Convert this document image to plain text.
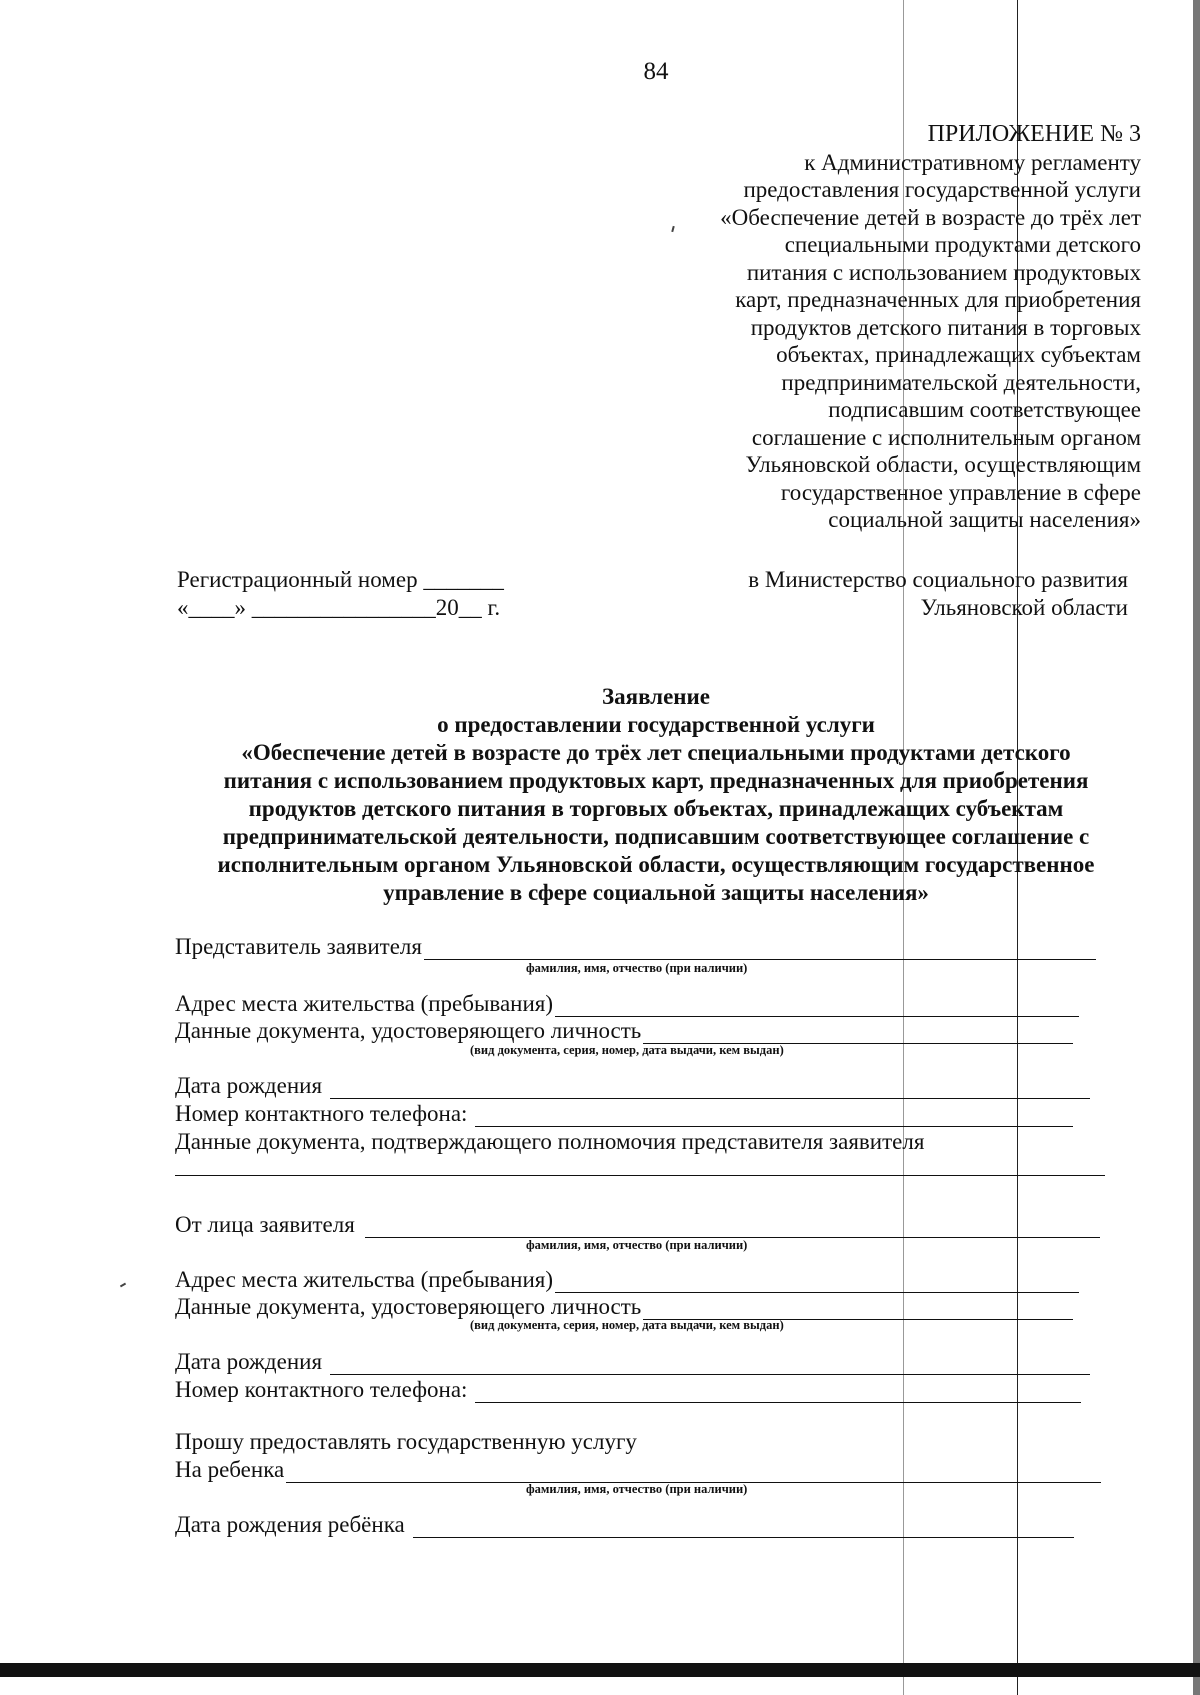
84
ПРИЛОЖЕНИЕ № 3
к Административному регламенту
предоставления государственной услуги
«Обеспечение детей в возрасте до трёх лет
специальными продуктами детского
питания с использованием продуктовых
карт, предназначенных для приобретения
продуктов детского питания в торговых
объектах, принадлежащих субъектам
предпринимательской деятельности,
подписавшим соответствующее
соглашение с исполнительным органом
Ульяновской области, осуществляющим
государственное управление в сфере
социальной защиты населения»
Регистрационный номер _______
«____» ________________20__ г.
в Министерство социального развития
Ульяновской области
Заявление
о предоставлении государственной услуги
«Обеспечение детей в возрасте до трёх лет специальными продуктами детского
питания с использованием продуктовых карт, предназначенных для приобретения
продуктов детского питания в торговых объектах, принадлежащих субъектам
предпринимательской деятельности, подписавшим соответствующее соглашение с
исполнительным органом Ульяновской области, осуществляющим государственное
управление в сфере социальной защиты населения»
Представитель заявителя
фамилия, имя, отчество (при наличии)
Адрес места жительства (пребывания)
Данные документа, удостоверяющего личность
(вид документа, серия, номер, дата выдачи, кем выдан)
Дата рождения
Номер контактного телефона:
Данные документа, подтверждающего полномочия представителя заявителя
От лица заявителя
фамилия, имя, отчество (при наличии)
Адрес места жительства (пребывания)
Данные документа, удостоверяющего личность
(вид документа, серия, номер, дата выдачи, кем выдан)
Дата рождения
Номер контактного телефона:
Прошу предоставлять государственную услугу
На ребенка
фамилия, имя, отчество (при наличии)
Дата рождения ребёнка
